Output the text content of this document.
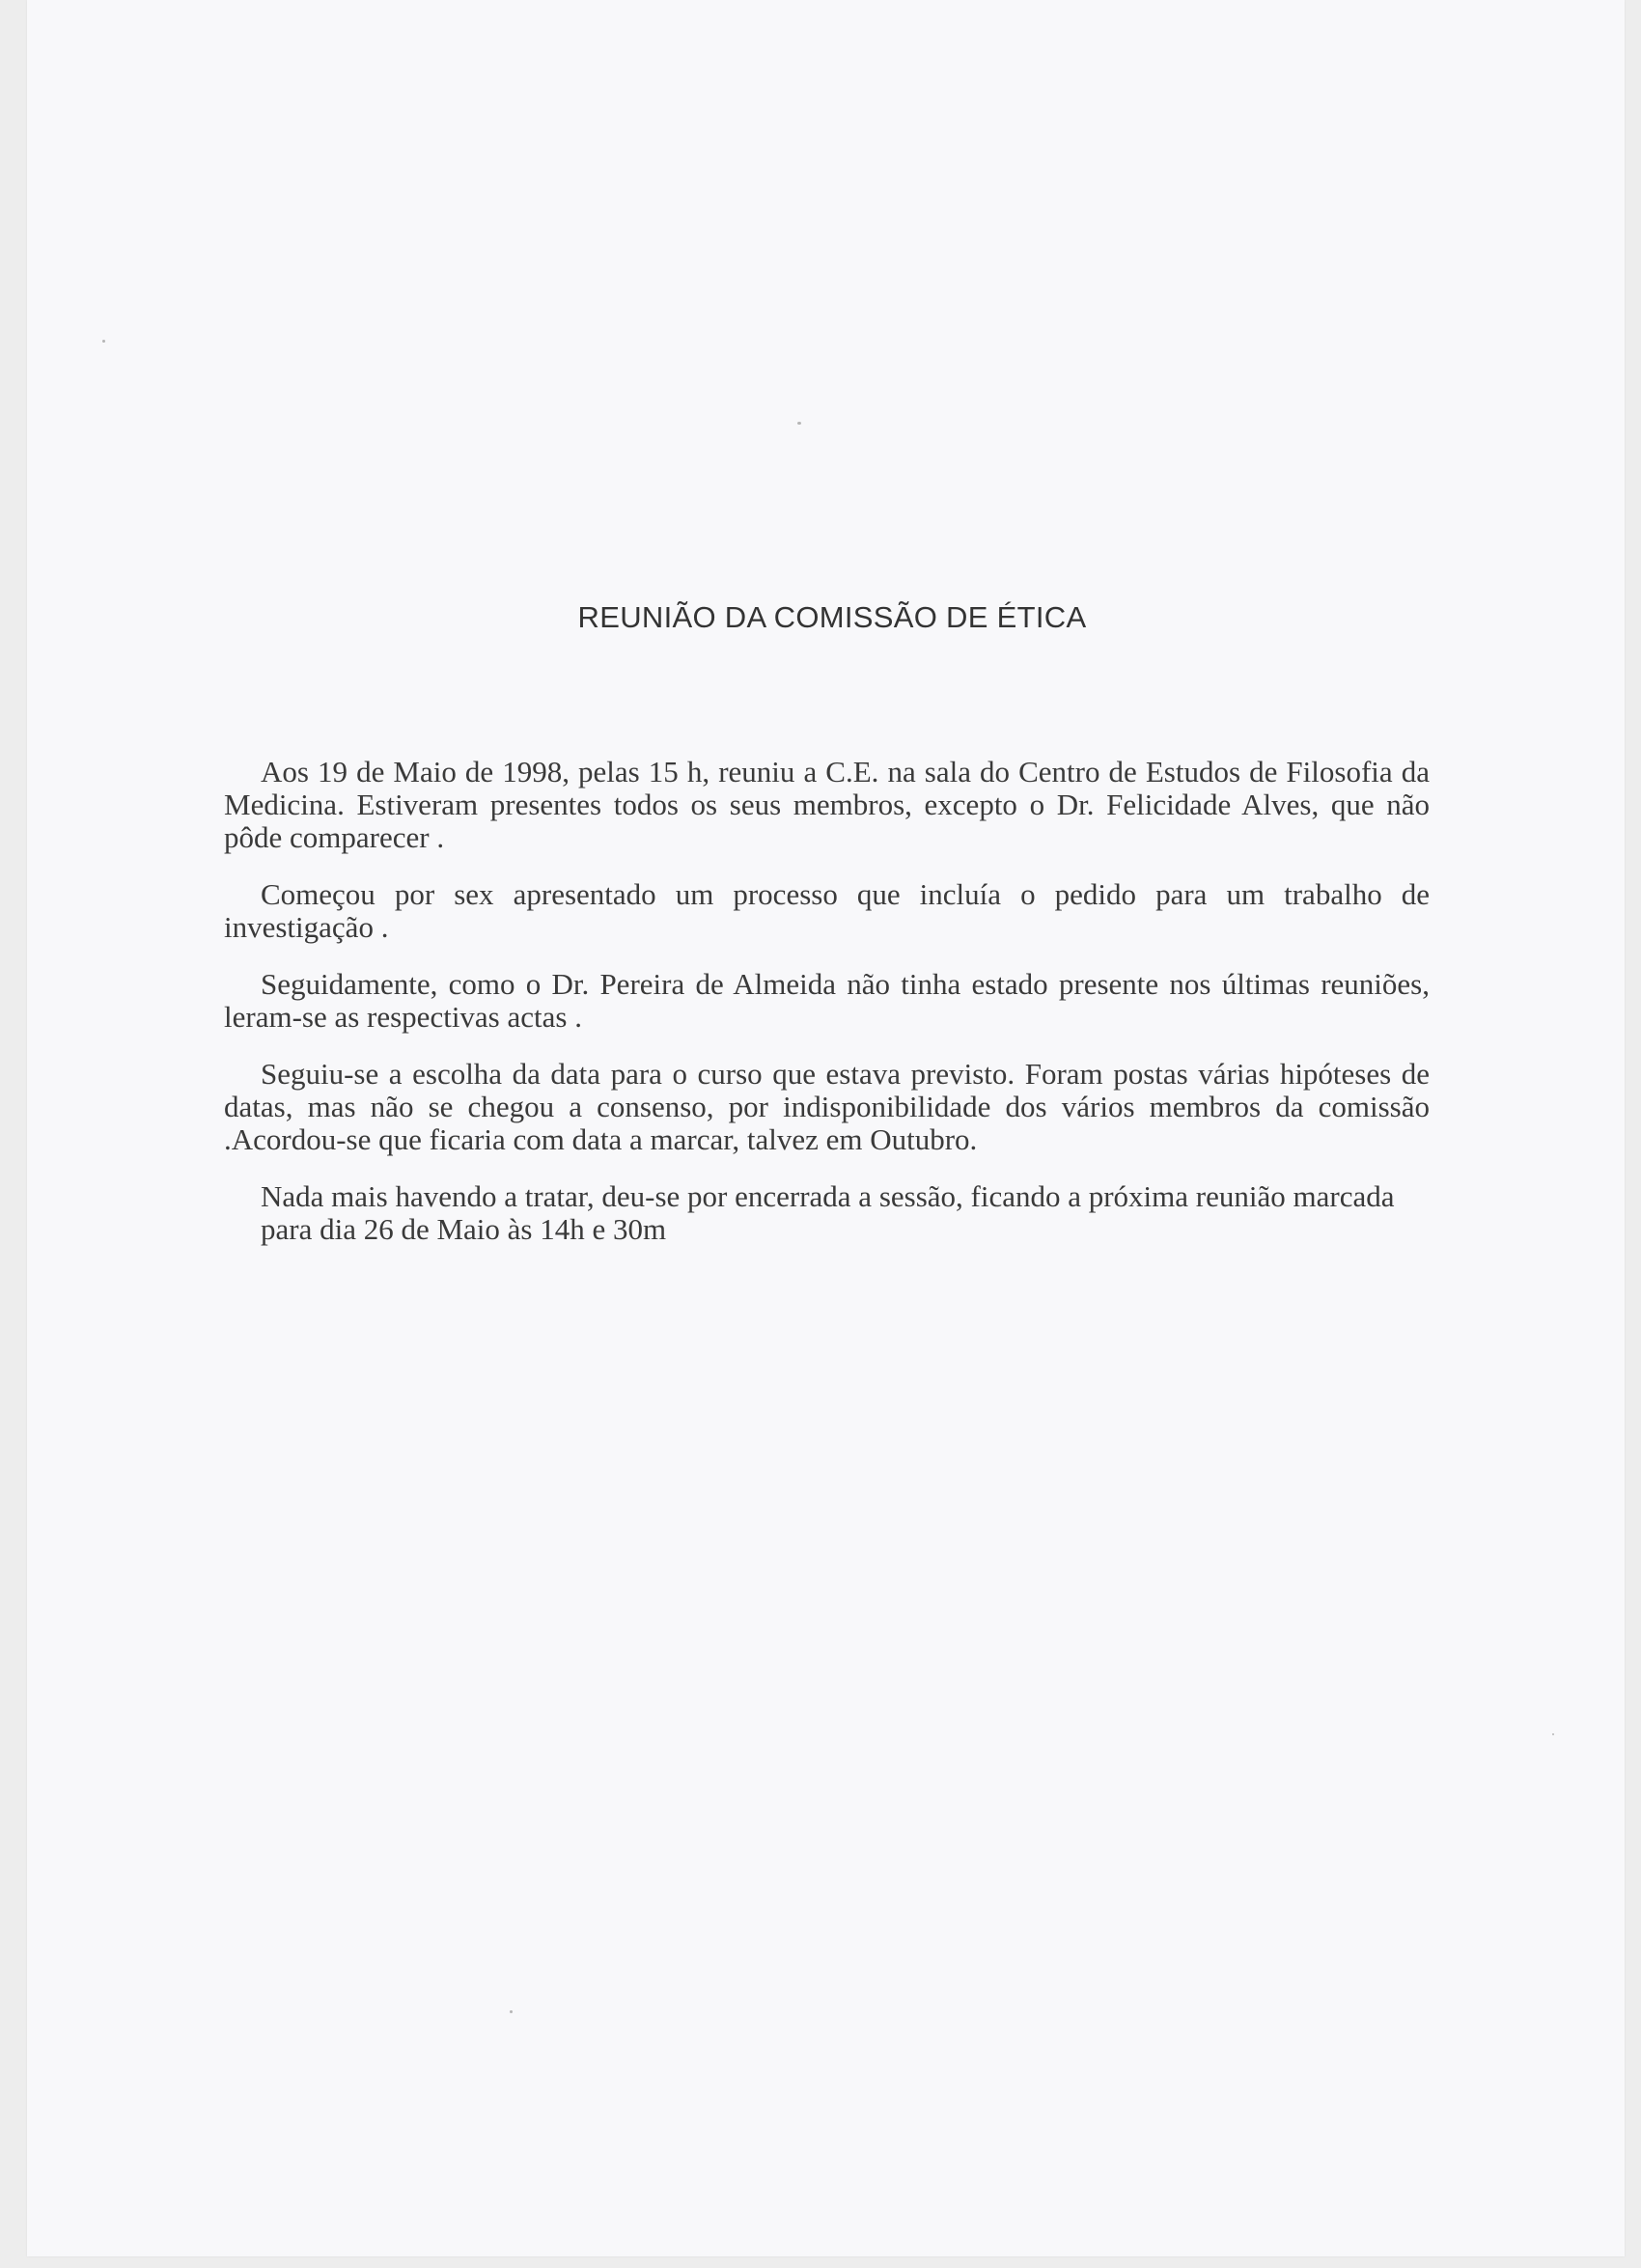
REUNIÃO DA COMISSÃO DE ÉTICA

Aos 19 de Maio de 1998, pelas 15 h, reuniu a C.E. na sala do Centro de Estudos de Filosofia da Medicina. Estiveram presentes todos os seus membros, excepto o Dr. Felicidade Alves, que não pôde comparecer .

Começou por sex apresentado um processo que incluía o pedido para um trabalho de investigação .

Seguidamente, como o Dr. Pereira de Almeida não tinha estado presente nos últimas reuniões, leram-se as respectivas actas .

Seguiu-se a escolha da data para o curso que estava previsto. Foram postas várias hipóteses de datas, mas não se chegou a consenso, por indisponibilidade dos vários membros da comissão .Acordou-se que ficaria com data a marcar, talvez em Outubro.

Nada mais havendo a tratar, deu-se por encerrada a sessão, ficando a próxima reunião marcada para dia 26 de Maio às 14h e 30m
